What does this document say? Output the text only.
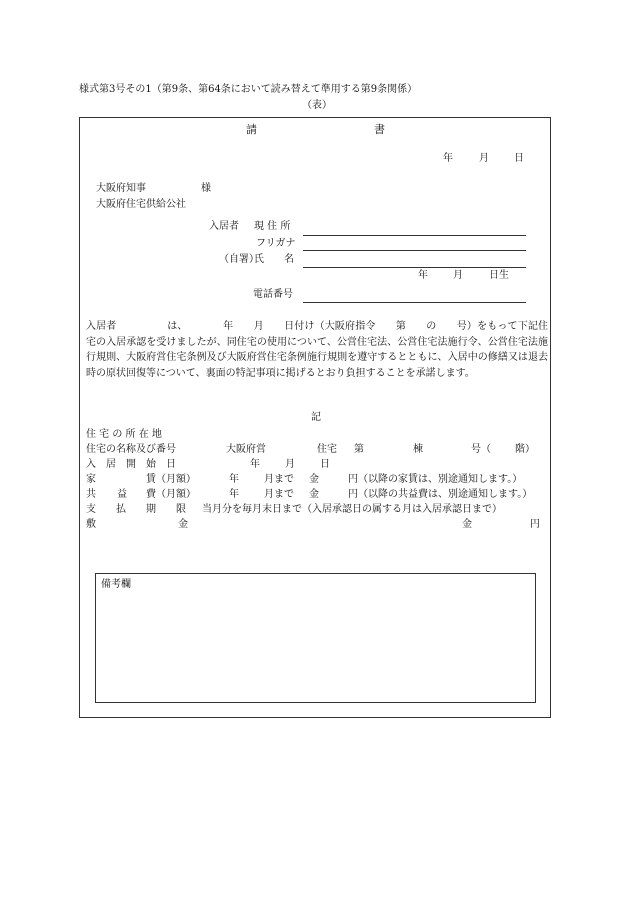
様式第3号その1（第9条、第64条において読み替えて準用する第9条関係）
（表）
請	書
年	月	日
大阪府知事	様
大阪府住宅供給公社
入居者 現 住 所
フリガナ
（自署）
氏　　名
年	月	日生
電話番号
入居者　　　　　は、　　　　年　　月　　日付け（大阪府指令　　第　　の　　号）をもって下記住宅の入居承認を受けましたが、同住宅の使用について、公営住宅法、公営住宅法施行令、公営住宅法施行規則、大阪府営住宅条例及び大阪府営住宅条例施行規則を遵守するとともに、入居中の修繕又は退去時の原状回復等について、裏面の特記事項に掲げるとおり負担することを承諾します。
記
住 宅 の 所 在 地
住宅の名称及び番号	大阪府営	住宅 第	棟	号（ 階）
入　居　開　始　日	年	月	日
家	賃（月額）	年	月まで 金	円（以降の家賃は、別途通知します。）
共 益 費（月額）	年	月まで 金	円（以降の共益費は、別途通知します。）
支　　払　　期　　限 当月分を毎月末日まで（入居承認日の属する月は入居承認日まで）
敷	金	金	円
備考欄
